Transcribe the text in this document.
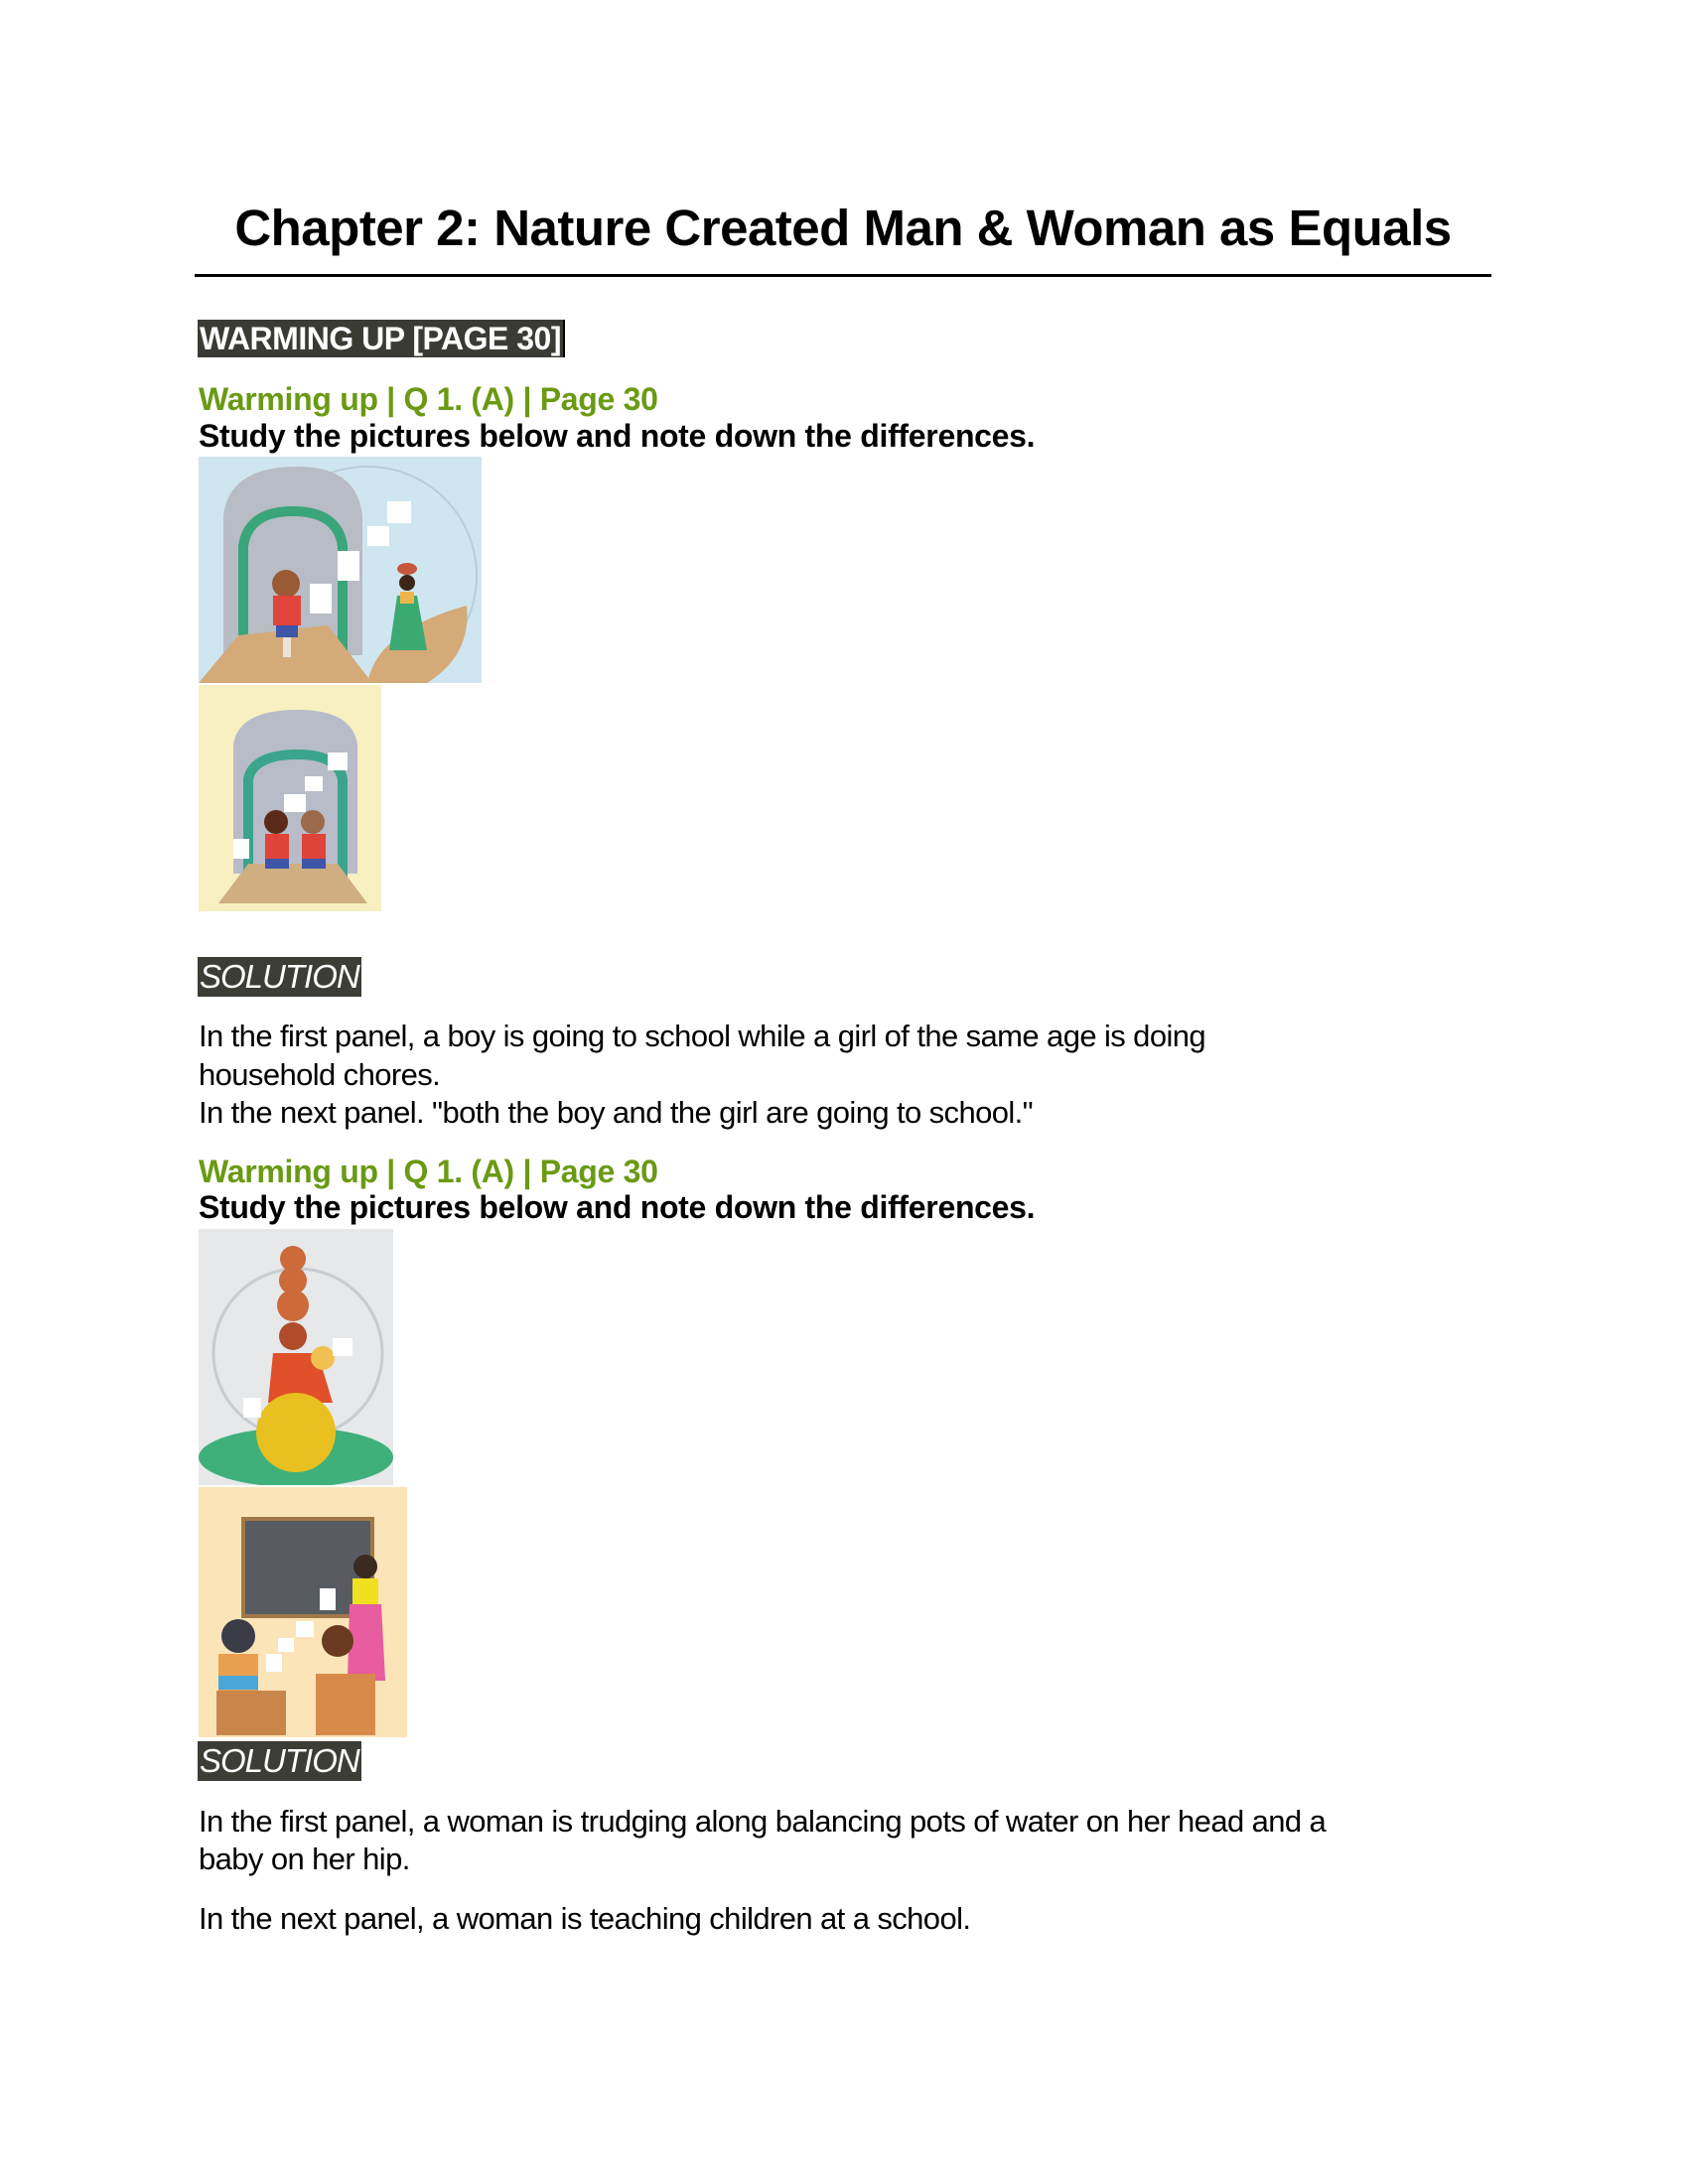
Chapter 2: Nature Created Man & Woman as Equals
WARMING UP [PAGE 30]
Warming up | Q 1. (A) | Page 30
Study the pictures below and note down the differences.
SOLUTION
In the first panel, a boy is going to school while a girl of the same age is doing
household chores.
In the next panel. "both the boy and the girl are going to school."
Warming up | Q 1. (A) | Page 30
Study the pictures below and note down the differences.
SOLUTION
In the first panel, a woman is trudging along balancing pots of water on her head and a
baby on her hip.
In the next panel, a woman is teaching children at a school.
